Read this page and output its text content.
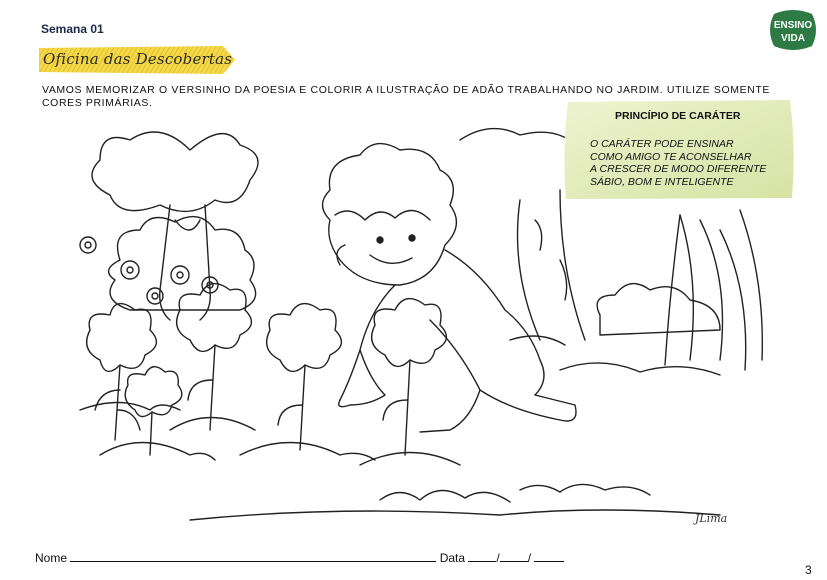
Semana 01	ENSINO
VIDA
Oficina das Descobertas
VAMOS MEMORIZAR O VERSINHO DA POESIA E COLORIR A ILUSTRAÇÃO DE ADÃO TRABALHANDO NO JARDIM. UTILIZE SOMENTE CORES PRIMÁRIAS.
JLima
PRINCÍPIO DE CARÁTER
O CARÁTER PODE ENSINAR
COMO AMIGO TE ACONSELHAR
A CRESCER DE MODO DIFERENTE
SÁBIO, BOM E INTELIGENTE
Nome	Data	/ /
3
